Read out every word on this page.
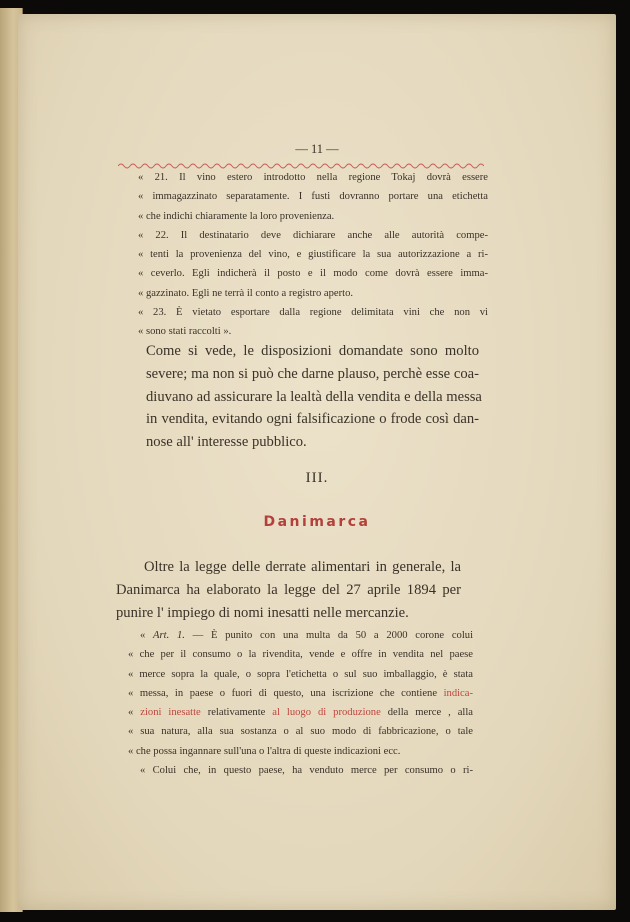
— 11 —
« 21. Il vino estero introdotto nella regione Tokaj dovrà essere
« immagazzinato separatamente. I fusti dovranno portare una etichetta
« che indichi chiaramente la loro provenienza.
« 22. Il destinatario deve dichiarare anche alle autorità compe-
« tenti la provenienza del vino, e giustificare la sua autorizzazione a ri-
« ceverlo. Egli indicherà il posto e il modo come dovrà essere imma-
« gazzinato. Egli ne terrà il conto a registro aperto.
« 23. È vietato esportare dalla regione delimitata vini che non vi
« sono stati raccolti ».
Come si vede, le disposizioni domandate sono molto
severe; ma non si può che darne plauso, perchè esse coa-
diuvano ad assicurare la lealtà della vendita e della messa
in vendita, evitando ogni falsificazione o frode così dan-
nose all' interesse pubblico.
III.
Danimarca
Oltre la legge delle derrate alimentari in generale, la
Danimarca ha elaborato la legge del 27 aprile 1894 per
punire l' impiego di nomi inesatti nelle mercanzie.
« Art. 1. — È punito con una multa da 50 a 2000 corone colui
« che per il consumo o la rivendita, vende e offre in vendita nel paese
« merce sopra la quale, o sopra l'etichetta o sul suo imballaggio, è stata
« messa, in paese o fuori di questo, una iscrizione che contiene indica-
« zioni inesatte relativamente al luogo di produzione della merce , alla
« sua natura, alla sua sostanza o al suo modo di fabbricazione, o tale
« che possa ingannare sull'una o l'altra di queste indicazioni ecc.
« Colui che, in questo paese, ha venduto merce per consumo o ri-
